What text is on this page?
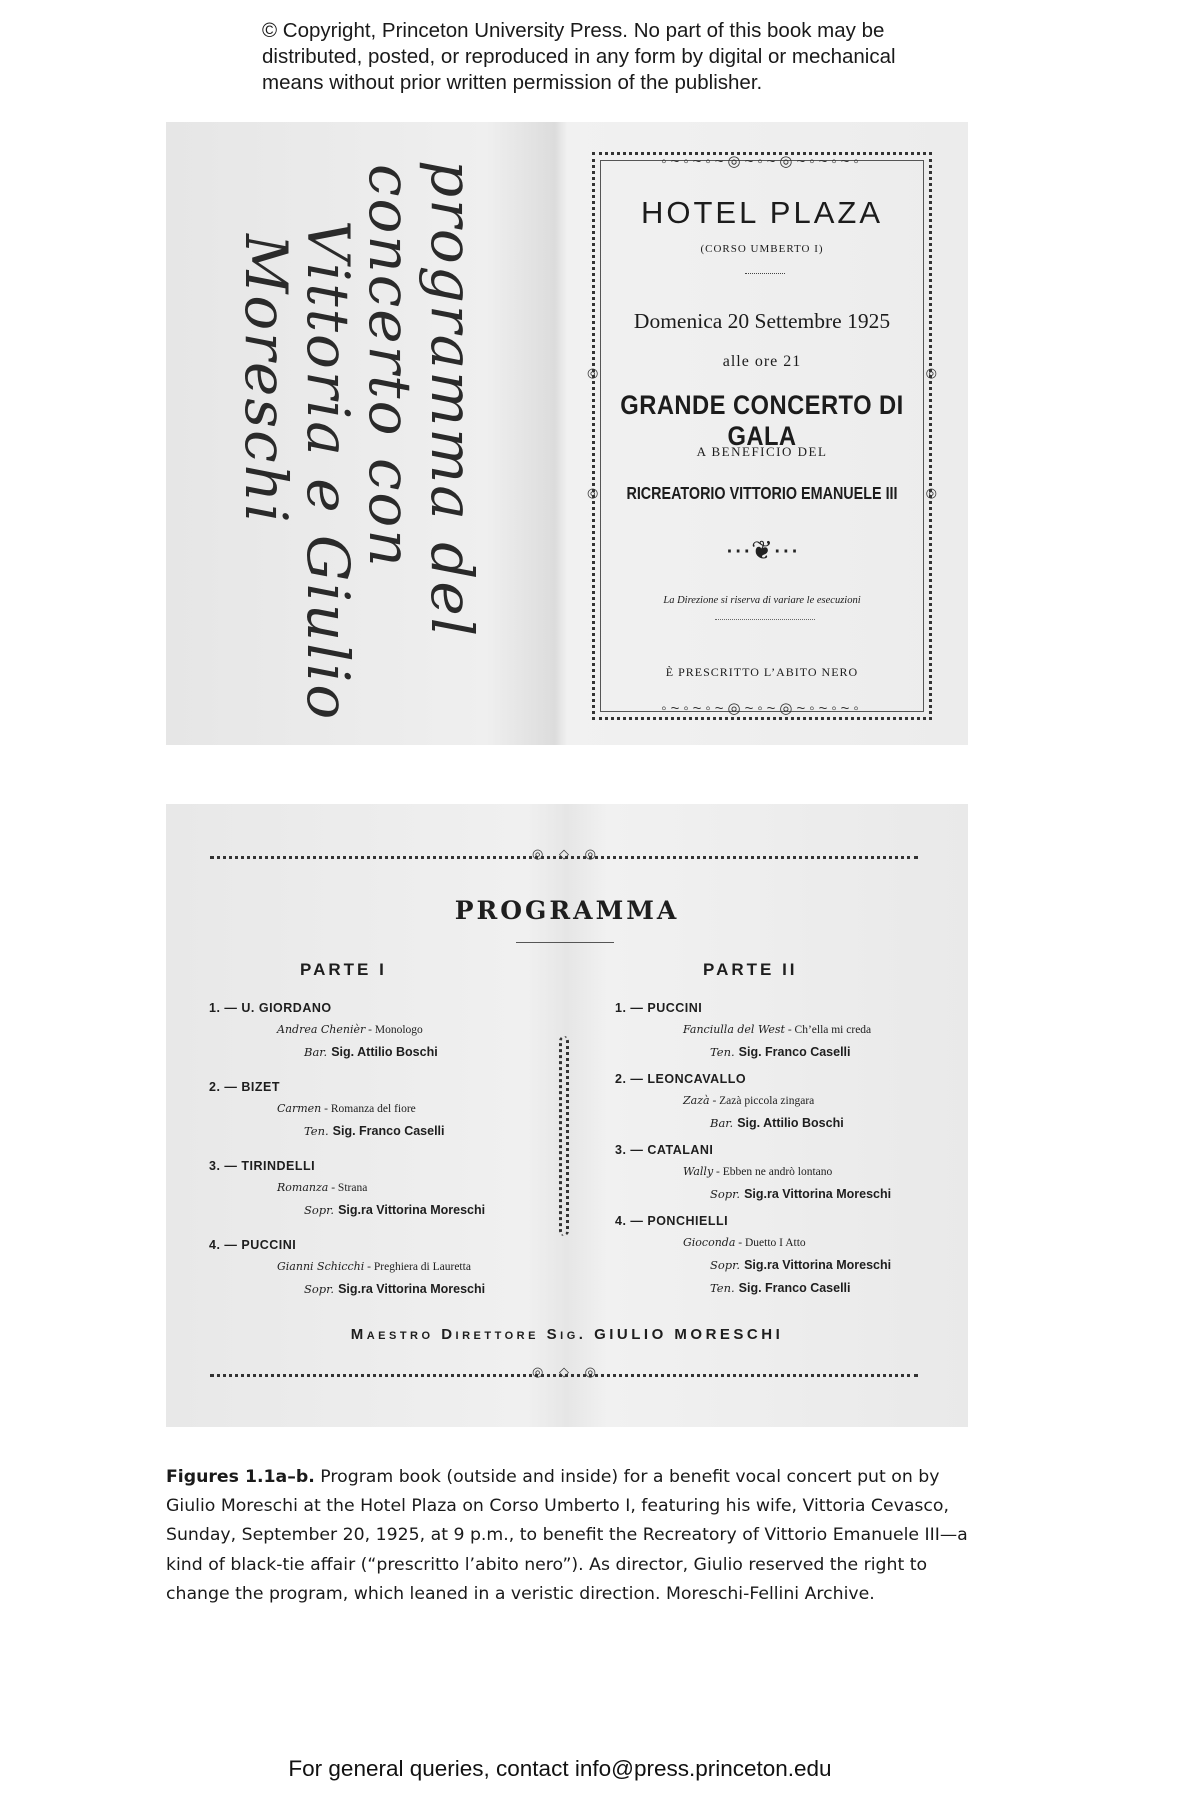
© Copyright, Princeton University Press. No part of this book may be
distributed, posted, or reproduced in any form by digital or mechanical
means without prior written permission of the publisher.
programma del
concerto con
Vittoria e Giulio
Moreschi
◦~◦~◦~◎~◦~◎~◦~◦~◦
◎	◎
◎	◎
HOTEL PLAZA
(CORSO UMBERTO I)
Domenica 20 Settembre 1925
alle ore 21
GRANDE CONCERTO DI GALA
A BENEFICIO DEL
RICREATORIO VITTORIO EMANUELE III
⋯❦⋯
La Direzione si riserva di variare le esecuzioni
È PRESCRITTO L’ABITO NERO
◦~◦~◦~◎~◦~◎~◦~◦~◦
◎ ◇ ◎
PROGRAMMA
PARTE I	PARTE II
1. — U. GIORDANO
Andrea Chenièr - Monologo
Bar. Sig. Attilio Boschi
2. — BIZET
Carmen - Romanza del fiore
Ten. Sig. Franco Caselli
3. — TIRINDELLI
Romanza - Strana
Sopr. Sig.ra Vittorina Moreschi
4. — PUCCINI
Gianni Schicchi - Preghiera di Lauretta
Sopr. Sig.ra Vittorina Moreschi
1. — PUCCINI
Fanciulla del West - Ch’ella mi creda
Ten. Sig. Franco Caselli
2. — LEONCAVALLO
Zazà - Zazà piccola zingara
Bar. Sig. Attilio Boschi
3. — CATALANI
Wally - Ebben ne andrò lontano
Sopr. Sig.ra Vittorina Moreschi
4. — PONCHIELLI
Gioconda - Duetto I Atto
Sopr. Sig.ra Vittorina Moreschi
Ten. Sig. Franco Caselli
Maestro Direttore Sig. GIULIO MORESCHI
◎ ◇ ◎
Figures 1.1a–b. Program book (outside and inside) for a benefit vocal concert put on by Giulio Moreschi at the Hotel Plaza on Corso Umberto I, featuring his wife, Vittoria Cevasco, Sunday, September 20, 1925, at 9 p.m., to benefit the Recreatory of Vittorio Emanuele III—a kind of black-tie affair (“prescritto l’abito nero”). As director, Giulio reserved the right to change the program, which leaned in a veristic direction. Moreschi-Fellini Archive.
For general queries, contact info@press.princeton.edu
